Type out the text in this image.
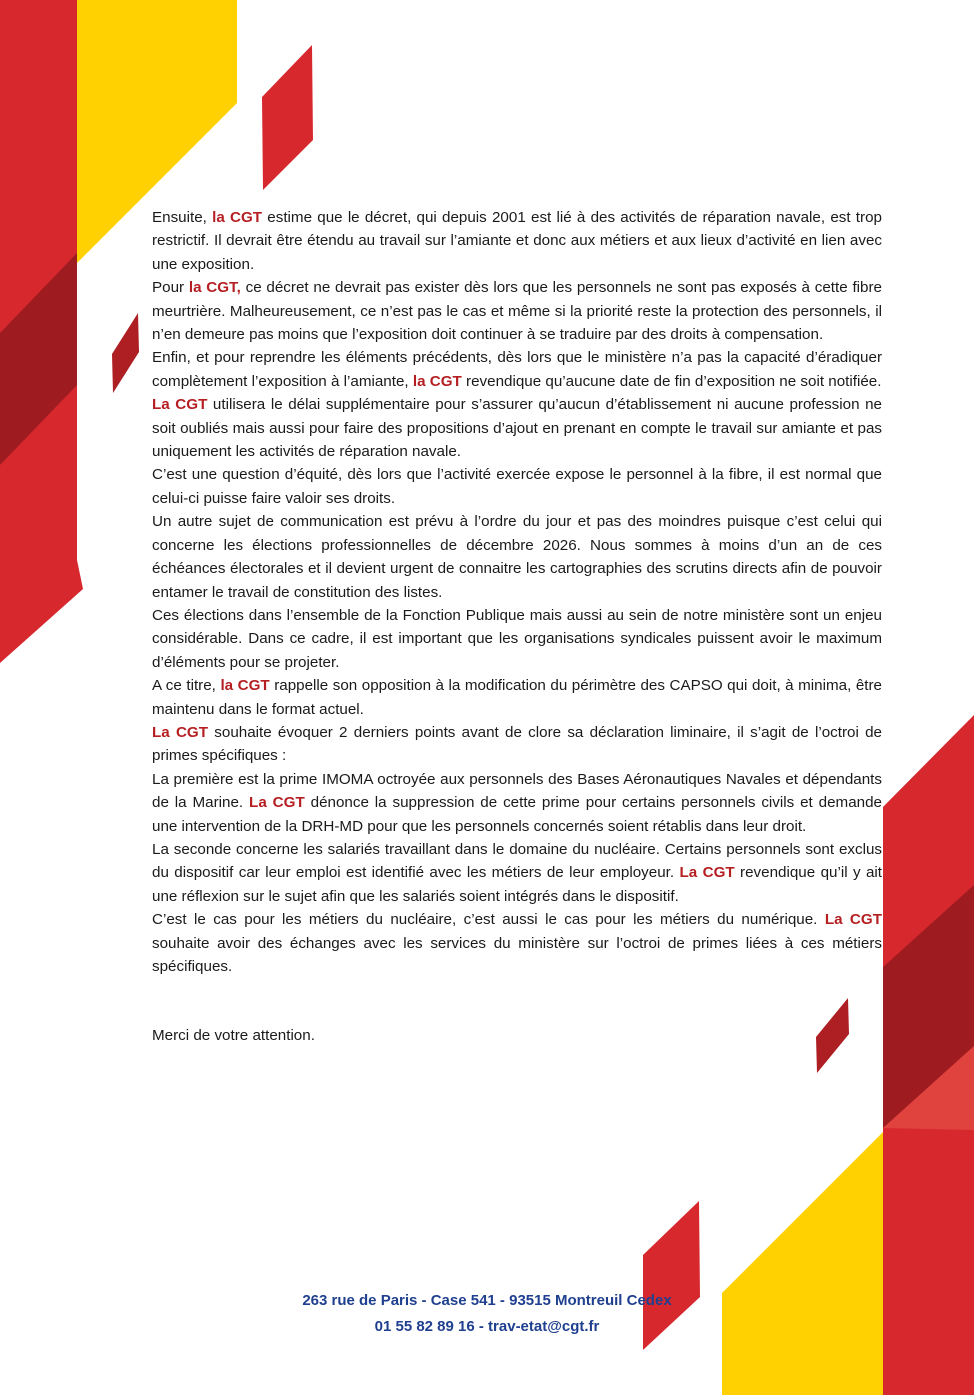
Ensuite, la CGT estime que le décret, qui depuis 2001 est lié à des activités de réparation navale, est trop restrictif. Il devrait être étendu au travail sur l’amiante et donc aux métiers et aux lieux d’activité en lien avec une exposition.

Pour la CGT, ce décret ne devrait pas exister dès lors que les personnels ne sont pas exposés à cette fibre meurtrière. Malheureusement, ce n’est pas le cas et même si la priorité reste la protection des personnels, il n’en demeure pas moins que l’exposition doit continuer à se traduire par des droits à compensation.

Enfin, et pour reprendre les éléments précédents, dès lors que le ministère n’a pas la capacité d’éradiquer complètement l’exposition à l’amiante, la CGT revendique qu’aucune date de fin d’exposition ne soit notifiée.

La CGT utilisera le délai supplémentaire pour s’assurer qu’aucun d’établissement ni aucune profession ne soit oubliés mais aussi pour faire des propositions d’ajout en prenant en compte le travail sur amiante et pas uniquement les activités de réparation navale.

C’est une question d’équité, dès lors que l’activité exercée expose le personnel à la fibre, il est normal que celui-ci puisse faire valoir ses droits.

Un autre sujet de communication est prévu à l’ordre du jour et pas des moindres puisque c’est celui qui concerne les élections professionnelles de décembre 2026. Nous sommes à moins d’un an de ces échéances électorales et il devient urgent de connaitre les cartographies des scrutins directs afin de pouvoir entamer le travail de constitution des listes.

Ces élections dans l’ensemble de la Fonction Publique mais aussi au sein de notre ministère sont un enjeu considérable. Dans ce cadre, il est important que les organisations syndicales puissent avoir le maximum d’éléments pour se projeter.

A ce titre, la CGT rappelle son opposition à la modification du périmètre des CAPSO qui doit, à minima, être maintenu dans le format actuel.

La CGT souhaite évoquer 2 derniers points avant de clore sa déclaration liminaire, il s’agit de l’octroi de primes spécifiques :

La première est la prime IMOMA octroyée aux personnels des Bases Aéronautiques Navales et dépendants de la Marine. La CGT dénonce la suppression de cette prime pour certains personnels civils et demande une intervention de la DRH-MD pour que les personnels concernés soient rétablis dans leur droit.

La seconde concerne les salariés travaillant dans le domaine du nucléaire. Certains personnels sont exclus du dispositif car leur emploi est identifié avec les métiers de leur employeur. La CGT revendique qu’il y ait une réflexion sur le sujet afin que les salariés soient intégrés dans le dispositif.

C’est le cas pour les métiers du nucléaire, c’est aussi le cas pour les métiers du numérique. La CGT souhaite avoir des échanges avec les services du ministère sur l’octroi de primes liées à ces métiers spécifiques.

Merci de votre attention.

263 rue de Paris - Case 541 - 93515 Montreuil Cedex
01 55 82 89 16 - trav-etat@cgt.fr
